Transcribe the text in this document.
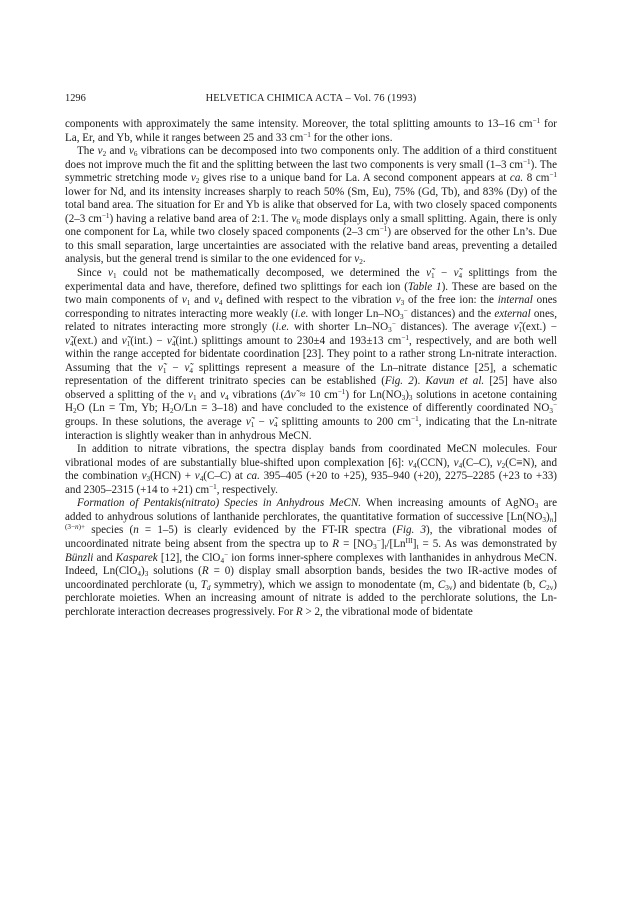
1296	HELVETICA CHIMICA ACTA – Vol. 76 (1993)

components with approximately the same intensity. Moreover, the total splitting amounts to 13–16 $cm^{-1}$ for La, Er, and Yb, while it ranges between 25 and 33 $cm^{-1}$ for the other ions.

The $\nu_2$ and $\nu_6$ vibrations can be decomposed into two components only. The addition of a third constituent does not improve much the fit and the splitting between the last two components is very small (1–3 $cm^{-1}$). The symmetric stretching mode $\nu_2$ gives rise to a unique band for La. A second component appears at ca. 8 $cm^{-1}$ lower for Nd, and its intensity increases sharply to reach 50% (Sm, Eu), 75% (Gd, Tb), and 83% (Dy) of the total band area. The situation for Er and Yb is alike that observed for La, with two closely spaced components (2–3 $cm^{-1}$) having a relative band area of 2:1. The $\nu_6$ mode displays only a small splitting. Again, there is only one component for La, while two closely spaced components (2–3 $cm^{-1}$) are observed for the other Ln’s. Due to this small separation, large uncertainties are associated with the relative band areas, preventing a detailed analysis, but the general trend is similar to the one evidenced for $\nu_2$.

Since $\nu_1$ could not be mathematically decomposed, we determined the $\nũ_1$ − $\nũ_4$ splittings from the experimental data and have, therefore, defined two splittings for each ion (Table 1). These are based on the two main components of $\nu_1$ and $\nu_4$ defined with respect to the vibration $\nu_3$ of the free ion: the internal ones corresponding to nitrates interacting more weakly (i.e. with longer $Ln-NO_3^-$ distances) and the external ones, related to nitrates interacting more strongly (i.e. with shorter $Ln-NO_3^-$ distances). The average $\nũ_1(ext.)$ − $\nũ_4(ext.)$ and $\nũ_1(int.)$ − $\nũ_4(int.)$ splittings amount to 230±4 and 193±13 $cm^{-1}$, respectively, and are both well within the range accepted for bidentate coordination [23]. They point to a rather strong Ln-nitrate interaction. Assuming that the $\nũ_1$ − $\nũ_4$ splittings represent a measure of the Ln–nitrate distance [25], a schematic representation of the different trinitrato species can be established (Fig. 2). Kavun et al. [25] have also observed a splitting of the $\nu_1$ and $\nu_4$ vibrations (Δν̃ ≈ 10 $cm^{-1}$) for $Ln(NO_3)_3$ solutions in acetone containing $H_2O$ (Ln = Tm, Yb; $H_2O/Ln = 3-18$) and have concluded to the existence of differently coordinated $NO_3^-$ groups. In these solutions, the average $\nũ_1$ − $\nũ_4$ splitting amounts to 200 $cm^{-1}$, indicating that the Ln-nitrate interaction is slightly weaker than in anhydrous MeCN.

In addition to nitrate vibrations, the spectra display bands from coordinated MeCN molecules. Four vibrational modes of are substantially blue-shifted upon complexation [6]: $\nu_4(CCN)$, $\nu_4(C-C)$, $\nu_2(C\equiv N)$, and the combination $\nu_3(HCN) + \nu_4(C-C)$ at ca. 395–405 (+20 to +25), 935–940 (+20), 2275–2285 (+23 to +33) and 2305–2315 (+14 to +21) $cm^{-1}$, respectively.

Formation of Pentakis(nitrato) Species in Anhydrous MeCN. When increasing amounts of AgNO$_3$ are added to anhydrous solutions of lanthanide perchlorates, the quantitative formation of successive $[Ln(NO_3)_n]^{(3-n)+}$ species (n = 1–5) is clearly evidenced by the FT-IR spectra (Fig. 3), the vibrational modes of uncoordinated nitrate being absent from the spectra up to $R = [NO_3^-]_t/[Ln^{III}]_t = 5$. As was demonstrated by Bünzli and Kasparek [12], the ClO$_4$− ion forms inner-sphere complexes with lanthanides in anhydrous MeCN. Indeed, $Ln(ClO_4)_3$ solutions (R = 0) display small absorption bands, besides the two IR-active modes of uncoordinated perchlorate (u, $T_d$ symmetry), which we assign to monodentate (m, $C_{3v}$) and bidentate (b, $C_{2v}$) perchlorate moieties. When an increasing amount of nitrate is added to the perchlorate solutions, the Ln-perchlorate interaction decreases progressively. For R > 2, the vibrational mode of bidentate
